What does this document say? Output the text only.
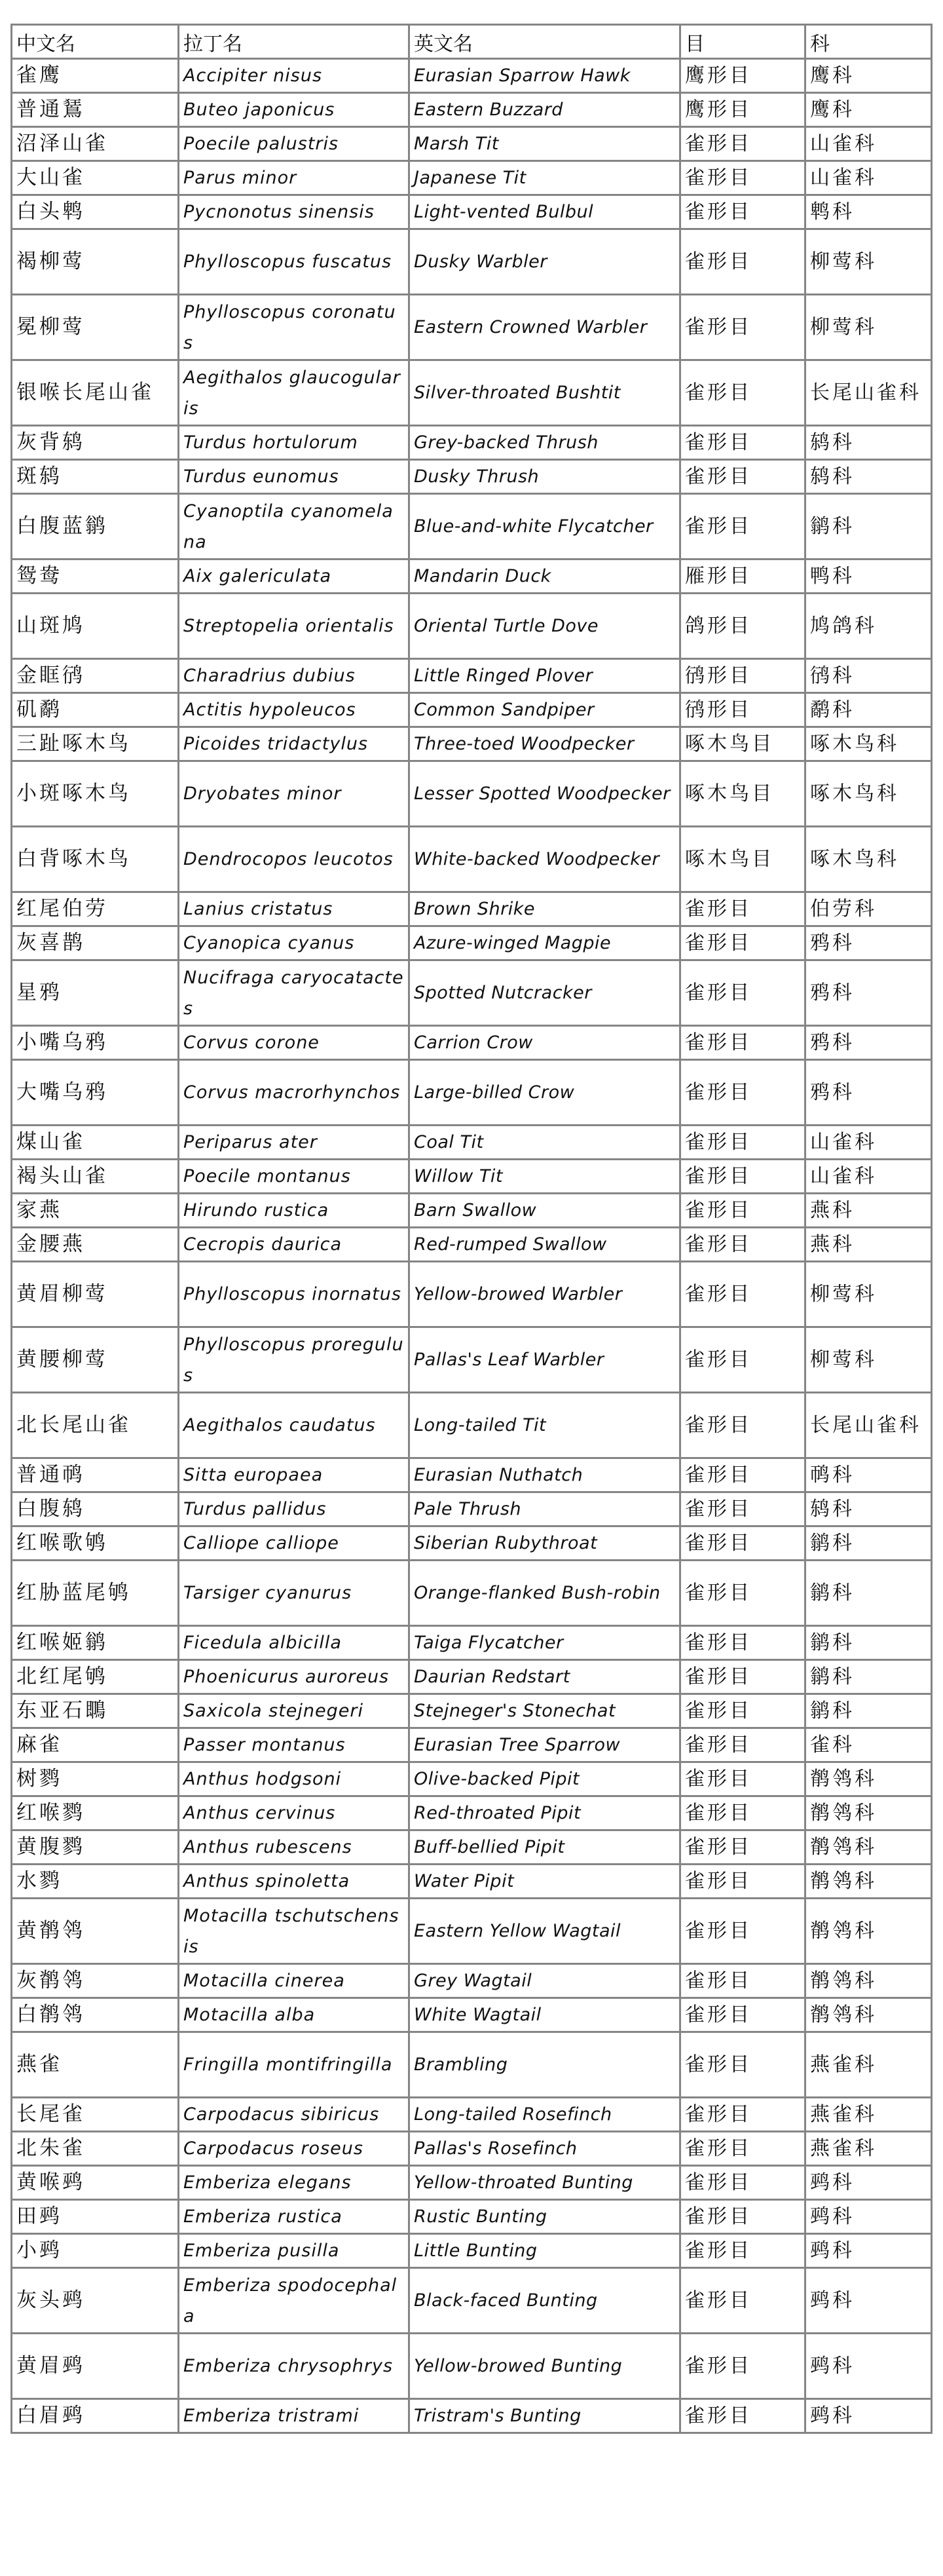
中文名	拉丁名	英文名	目	科
雀鹰	Accipiter nisus	Eurasian Sparrow Hawk	鹰形目	鹰科
普通鵟	Buteo japonicus	Eastern Buzzard	鹰形目	鹰科
沼泽山雀	Poecile palustris	Marsh Tit	雀形目	山雀科
大山雀	Parus minor	Japanese Tit	雀形目	山雀科
白头鹎	Pycnonotus sinensis	Light-vented Bulbul	雀形目	鹎科
褐柳莺	Phylloscopus fuscatus	Dusky Warbler	雀形目	柳莺科
冕柳莺	Phylloscopus coronatus	Eastern Crowned Warbler	雀形目	柳莺科
银喉长尾山雀	Aegithalos glaucogularis	Silver-throated Bushtit	雀形目	长尾山雀科
灰背鸫	Turdus hortulorum	Grey-backed Thrush	雀形目	鸫科
斑鸫	Turdus eunomus	Dusky Thrush	雀形目	鸫科
白腹蓝鹟	Cyanoptila cyanomelana	Blue-and-white Flycatcher	雀形目	鹟科
鸳鸯	Aix galericulata	Mandarin Duck	雁形目	鸭科
山斑鸠	Streptopelia orientalis	Oriental Turtle Dove	鸽形目	鸠鸽科
金眶鸻	Charadrius dubius	Little Ringed Plover	鸻形目	鸻科
矶鹬	Actitis hypoleucos	Common Sandpiper	鸻形目	鹬科
三趾啄木鸟	Picoides tridactylus	Three-toed Woodpecker	啄木鸟目	啄木鸟科
小斑啄木鸟	Dryobates minor	Lesser Spotted Woodpecker	啄木鸟目	啄木鸟科
白背啄木鸟	Dendrocopos leucotos	White-backed Woodpecker	啄木鸟目	啄木鸟科
红尾伯劳	Lanius cristatus	Brown Shrike	雀形目	伯劳科
灰喜鹊	Cyanopica cyanus	Azure-winged Magpie	雀形目	鸦科
星鸦	Nucifraga caryocatactes	Spotted Nutcracker	雀形目	鸦科
小嘴乌鸦	Corvus corone	Carrion Crow	雀形目	鸦科
大嘴乌鸦	Corvus macrorhynchos	Large-billed Crow	雀形目	鸦科
煤山雀	Periparus ater	Coal Tit	雀形目	山雀科
褐头山雀	Poecile montanus	Willow Tit	雀形目	山雀科
家燕	Hirundo rustica	Barn Swallow	雀形目	燕科
金腰燕	Cecropis daurica	Red-rumped Swallow	雀形目	燕科
黄眉柳莺	Phylloscopus inornatus	Yellow-browed Warbler	雀形目	柳莺科
黄腰柳莺	Phylloscopus proregulus	Pallas's Leaf Warbler	雀形目	柳莺科
北长尾山雀	Aegithalos caudatus	Long-tailed Tit	雀形目	长尾山雀科
普通䴓	Sitta europaea	Eurasian Nuthatch	雀形目	䴓科
白腹鸫	Turdus pallidus	Pale Thrush	雀形目	鸫科
红喉歌鸲	Calliope calliope	Siberian Rubythroat	雀形目	鹟科
红胁蓝尾鸲	Tarsiger cyanurus	Orange-flanked Bush-robin	雀形目	鹟科
红喉姬鹟	Ficedula albicilla	Taiga Flycatcher	雀形目	鹟科
北红尾鸲	Phoenicurus auroreus	Daurian Redstart	雀形目	鹟科
东亚石䳭	Saxicola stejnegeri	Stejneger's Stonechat	雀形目	鹟科
麻雀	Passer montanus	Eurasian Tree Sparrow	雀形目	雀科
树鹨	Anthus hodgsoni	Olive-backed Pipit	雀形目	鹡鸰科
红喉鹨	Anthus cervinus	Red-throated Pipit	雀形目	鹡鸰科
黄腹鹨	Anthus rubescens	Buff-bellied Pipit	雀形目	鹡鸰科
水鹨	Anthus spinoletta	Water Pipit	雀形目	鹡鸰科
黄鹡鸰	Motacilla tschutschensis	Eastern Yellow Wagtail	雀形目	鹡鸰科
灰鹡鸰	Motacilla cinerea	Grey Wagtail	雀形目	鹡鸰科
白鹡鸰	Motacilla alba	White Wagtail	雀形目	鹡鸰科
燕雀	Fringilla montifringilla	Brambling	雀形目	燕雀科
长尾雀	Carpodacus sibiricus	Long-tailed Rosefinch	雀形目	燕雀科
北朱雀	Carpodacus roseus	Pallas's Rosefinch	雀形目	燕雀科
黄喉鹀	Emberiza elegans	Yellow-throated Bunting	雀形目	鹀科
田鹀	Emberiza rustica	Rustic Bunting	雀形目	鹀科
小鹀	Emberiza pusilla	Little Bunting	雀形目	鹀科
灰头鹀	Emberiza spodocephala	Black-faced Bunting	雀形目	鹀科
黄眉鹀	Emberiza chrysophrys	Yellow-browed Bunting	雀形目	鹀科
白眉鹀	Emberiza tristrami	Tristram's Bunting	雀形目	鹀科
